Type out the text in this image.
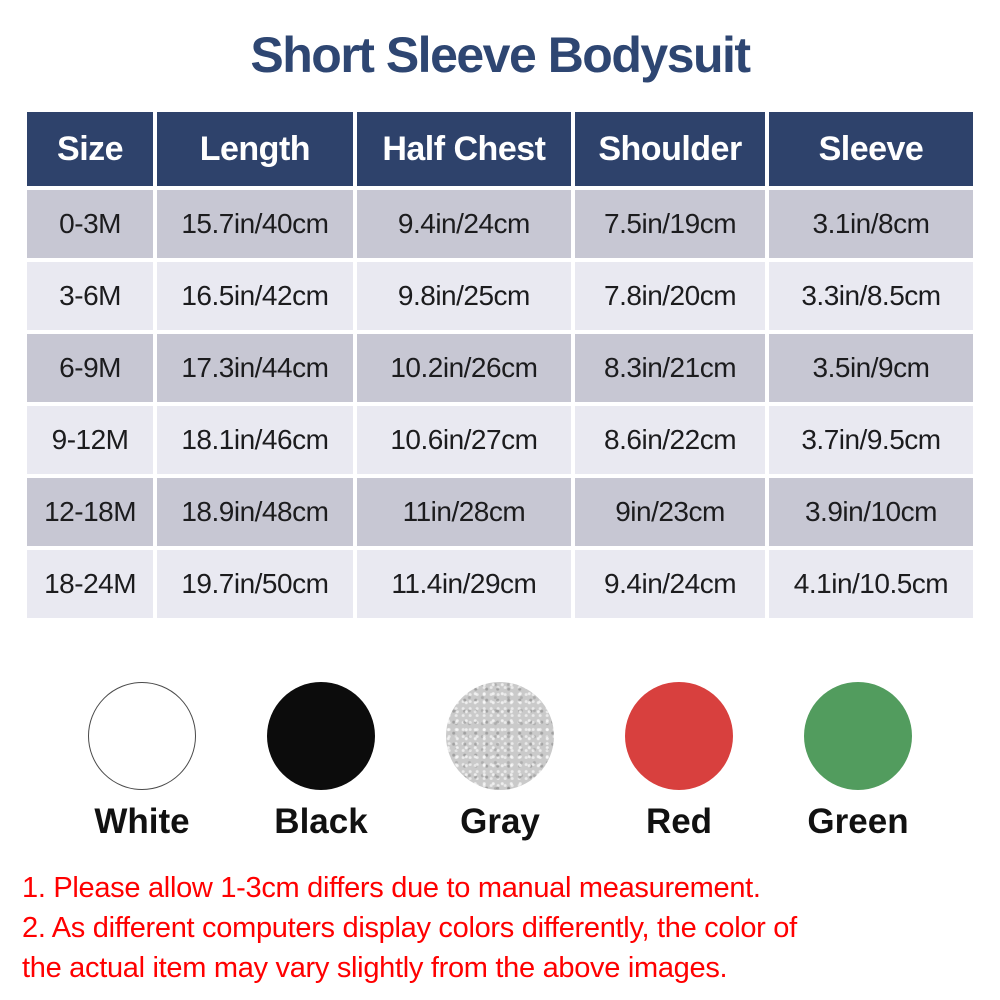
Short Sleeve Bodysuit
Size	Length	Half Chest	Shoulder	Sleeve
0-3M	15.7in/40cm	9.4in/24cm	7.5in/19cm	3.1in/8cm
3-6M	16.5in/42cm	9.8in/25cm	7.8in/20cm	3.3in/8.5cm
6-9M	17.3in/44cm	10.2in/26cm	8.3in/21cm	3.5in/9cm
9-12M	18.1in/46cm	10.6in/27cm	8.6in/22cm	3.7in/9.5cm
12-18M	18.9in/48cm	11in/28cm	9in/23cm	3.9in/10cm
18-24M	19.7in/50cm	11.4in/29cm	9.4in/24cm	4.1in/10.5cm
White Black	Gray	Red	Green

1. Please allow 1-3cm differs due to manual measurement.

2. As different computers display colors differently, the color of

the actual item may vary slightly from the above images.
